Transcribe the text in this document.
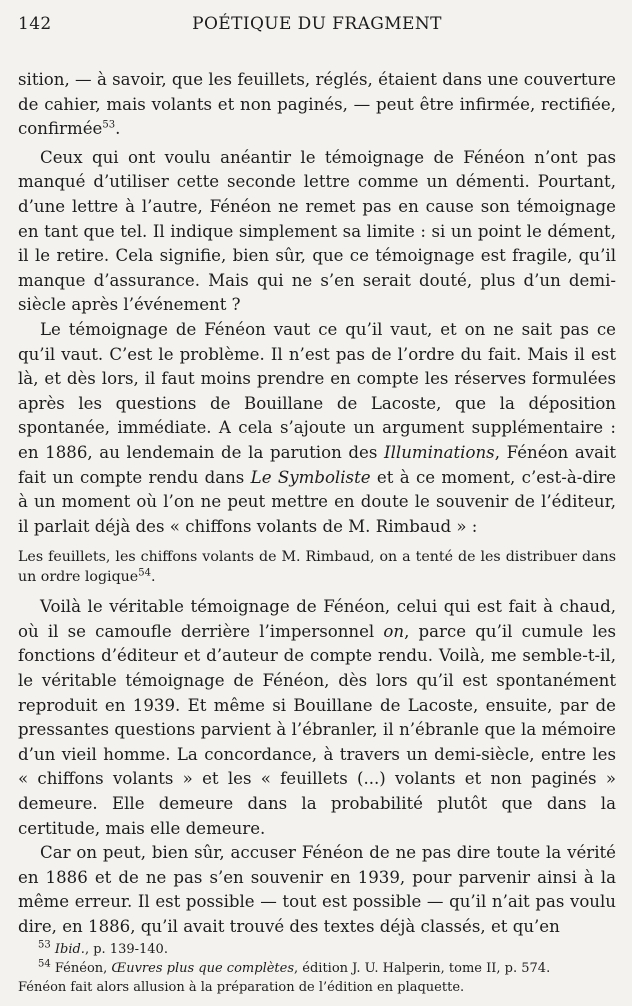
142	POÉTIQUE DU FRAGMENT

sition, — à savoir, que les feuillets, réglés, étaient dans une couverture de cahier, mais volants et non paginés, — peut être infirmée, rectifiée, confirmée$^{53}$.

Ceux qui ont voulu anéantir le témoignage de Fénéon n’ont pas manqué d’utiliser cette seconde lettre comme un démenti. Pourtant, d’une lettre à l’autre, Fénéon ne remet pas en cause son témoignage en tant que tel. Il indique simplement sa limite : si un point le dément, il le retire. Cela signifie, bien sûr, que ce témoignage est fragile, qu’il manque d’assurance. Mais qui ne s’en serait douté, plus d’un demi-siècle après l’événement ?

Le témoignage de Fénéon vaut ce qu’il vaut, et on ne sait pas ce qu’il vaut. C’est le problème. Il n’est pas de l’ordre du fait. Mais il est là, et dès lors, il faut moins prendre en compte les réserves formulées après les questions de Bouillane de Lacoste, que la déposition spontanée, immédiate. A cela s’ajoute un argument supplémentaire : en 1886, au lendemain de la parution des Illuminations, Fénéon avait fait un compte rendu dans Le Symboliste et à ce moment, c’est-à-dire à un moment où l’on ne peut mettre en doute le souvenir de l’éditeur, il parlait déjà des « chiffons volants de M. Rimbaud » :

Les feuillets, les chiffons volants de M. Rimbaud, on a tenté de les distribuer dans un ordre logique$^{54}$.

Voilà le véritable témoignage de Fénéon, celui qui est fait à chaud, où il se camoufle derrière l’impersonnel on, parce qu’il cumule les fonctions d’éditeur et d’auteur de compte rendu. Voilà, me semble-t-il, le véritable témoignage de Fénéon, dès lors qu’il est spontanément reproduit en 1939. Et même si Bouillane de Lacoste, ensuite, par de pressantes questions parvient à l’ébranler, il n’ébranle que la mémoire d’un vieil homme. La concordance, à travers un demi-siècle, entre les « chiffons volants » et les « feuillets (...) volants et non paginés » demeure. Elle demeure dans la probabilité plutôt que dans la certitude, mais elle demeure.

Car on peut, bien sûr, accuser Fénéon de ne pas dire toute la vérité en 1886 et de ne pas s’en souvenir en 1939, pour parvenir ainsi à la même erreur. Il est possible — tout est possible — qu’il n’ait pas voulu dire, en 1886, qu’il avait trouvé des textes déjà classés, et qu’en

$^{53}$ Ibid., p. 139-140.

$^{54}$ Fénéon, Œuvres plus que complètes, édition J. U. Halperin, tome II, p. 574.

Fénéon fait alors allusion à la préparation de l’édition en plaquette.
